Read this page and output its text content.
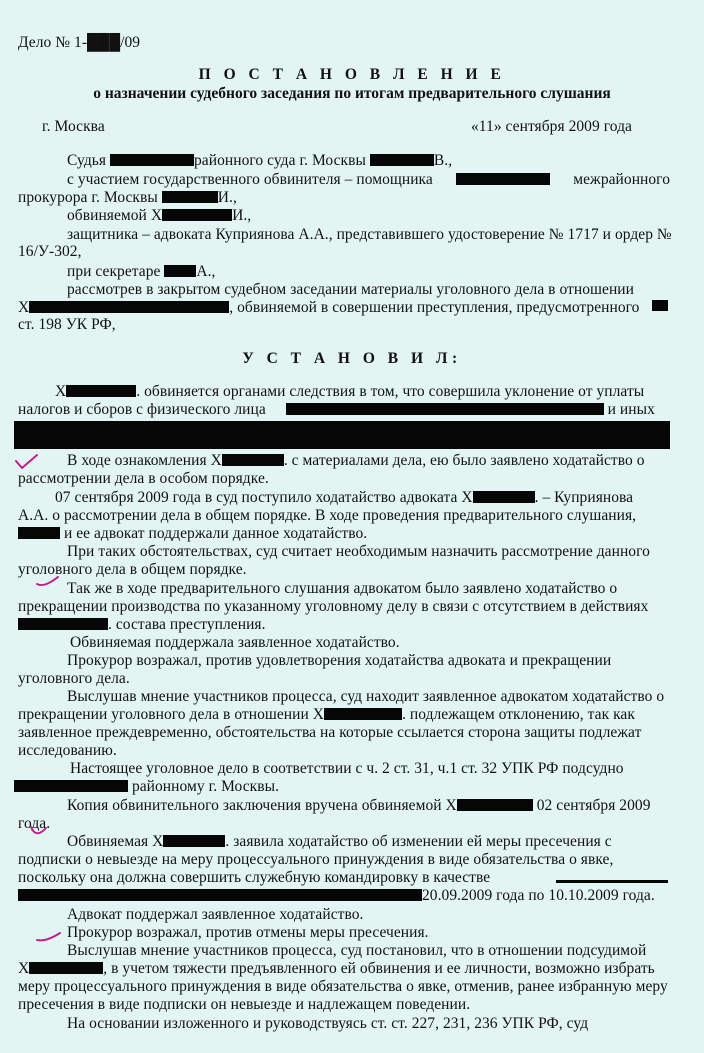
Дело № 1-███/09
П О С Т А Н О В Л Е Н И Е
о назначении судебного заседания по итогам предварительного слушания
г. Москва	«11» сентября 2009 года
Судья	районного суда г. Москвы	В.,
с участием государственного обвинителя – помощника	межрайонного
прокурора г. Москвы	И.,
обвиняемой Х	И.,
защитника – адвоката Куприянова А.А., представившего удостоверение № 1717 и ордер №
16/У-302,
при секретаре А.,
рассмотрев в закрытом судебном заседании материалы уголовного дела в отношении
Х	, обвиняемой в совершении преступления, предусмотренного
ст. 198 УК РФ,
У С Т А Н О В И Л:
Х	. обвиняется органами следствия в том, что совершила уклонение от уплаты
налогов и сборов с физического лица	и иных
В ходе ознакомления Х	. с материалами дела, ею было заявлено ходатайство о
рассмотрении дела в особом порядке.
07 сентября 2009 года в суд поступило ходатайство адвоката Х	. – Куприянова
А.А. о рассмотрении дела в общем порядке. В ходе проведения предварительного слушания,
и ее адвокат поддержали данное ходатайство.
При таких обстоятельствах, суд считает необходимым назначить рассмотрение данного
уголовного дела в общем порядке.
Так же в ходе предварительного слушания адвокатом было заявлено ходатайство о
прекращении производства по указанному уголовному делу в связи с отсутствием в действиях
. состава преступления.
Обвиняемая поддержала заявленное ходатайство.
Прокурор возражал, против удовлетворения ходатайства адвоката и прекращении
уголовного дела.
Выслушав мнение участников процесса, суд находит заявленное адвокатом ходатайство о
прекращении уголовного дела в отношении Х	. подлежащем отклонению, так как
заявленное преждевременно, обстоятельства на которые ссылается сторона защиты подлежат
исследованию.
Настоящее уголовное дело в соответствии с ч. 2 ст. 31, ч.1 ст. 32 УПК РФ подсудно
районному г. Москвы.
Копия обвинительного заключения вручена обвиняемой Х	02 сентября 2009
года.
Обвиняемая Х	. заявила ходатайство об изменении ей меры пресечения с
подписки о невыезде на меру процессуального принуждения в виде обязательства о явке,
поскольку она должна совершить служебную командировку в качестве
20.09.2009 года по 10.10.2009 года.
Адвокат поддержал заявленное ходатайство.
Прокурор возражал, против отмены меры пресечения.
Выслушав мнение участников процесса, суд постановил, что в отношении подсудимой
Х	, в учетом тяжести предъявленного ей обвинения и ее личности, возможно избрать
меру процессуального принуждения в виде обязательства о явке, отменив, ранее избранную меру
пресечения в виде подписки он невыезде и надлежащем поведении.
На основании изложенного и руководствуясь ст. ст. 227, 231, 236 УПК РФ, суд
